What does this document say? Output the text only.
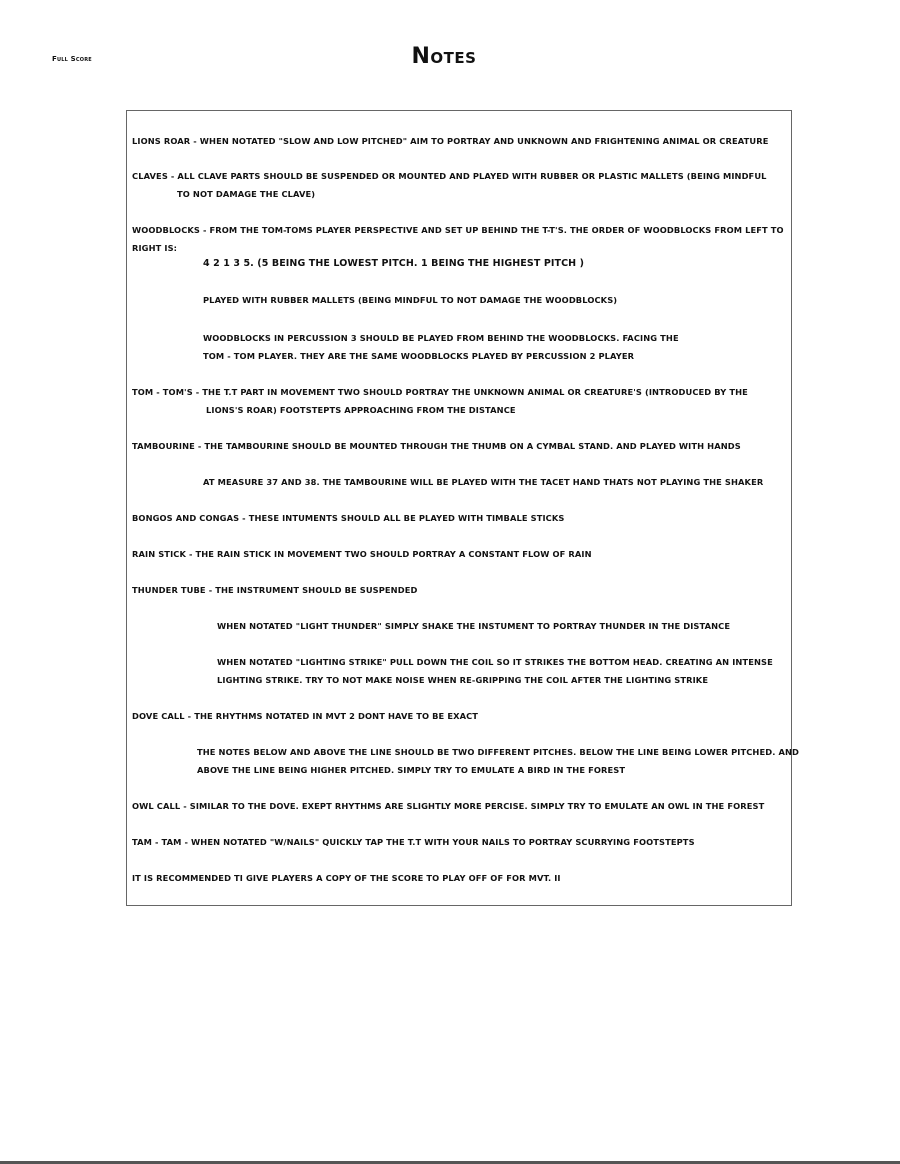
Full Score	Notes
LIONS ROAR - WHEN NOTATED "SLOW AND LOW PITCHED" AIM TO PORTRAY AND UNKNOWN AND FRIGHTENING ANIMAL OR CREATURE
CLAVES - ALL CLAVE PARTS SHOULD BE SUSPENDED OR MOUNTED AND PLAYED WITH RUBBER OR PLASTIC MALLETS (BEING MINDFUL
TO NOT DAMAGE THE CLAVE)
WOODBLOCKS - FROM THE TOM-TOMS PLAYER PERSPECTIVE AND SET UP BEHIND THE T-T'S. THE ORDER OF WOODBLOCKS FROM LEFT TO
RIGHT IS:
4 2 1 3 5. (5 BEING THE LOWEST PITCH. 1 BEING THE HIGHEST PITCH )
PLAYED WITH RUBBER MALLETS (BEING MINDFUL TO NOT DAMAGE THE WOODBLOCKS)
WOODBLOCKS IN PERCUSSION 3 SHOULD BE PLAYED FROM BEHIND THE WOODBLOCKS. FACING THE
TOM - TOM PLAYER. THEY ARE THE SAME WOODBLOCKS PLAYED BY PERCUSSION 2 PLAYER
TOM - TOM'S - THE T.T PART IN MOVEMENT TWO SHOULD PORTRAY THE UNKNOWN ANIMAL OR CREATURE'S (INTRODUCED BY THE
LIONS'S ROAR) FOOTSTEPTS APPROACHING FROM THE DISTANCE
TAMBOURINE - THE TAMBOURINE SHOULD BE MOUNTED THROUGH THE THUMB ON A CYMBAL STAND. AND PLAYED WITH HANDS
AT MEASURE 37 AND 38. THE TAMBOURINE WILL BE PLAYED WITH THE TACET HAND THATS NOT PLAYING THE SHAKER
BONGOS AND CONGAS - THESE INTUMENTS SHOULD ALL BE PLAYED WITH TIMBALE STICKS
RAIN STICK - THE RAIN STICK IN MOVEMENT TWO SHOULD PORTRAY A CONSTANT FLOW OF RAIN
THUNDER TUBE - THE INSTRUMENT SHOULD BE SUSPENDED
WHEN NOTATED "LIGHT THUNDER" SIMPLY SHAKE THE INSTUMENT TO PORTRAY THUNDER IN THE DISTANCE
WHEN NOTATED "LIGHTING STRIKE" PULL DOWN THE COIL SO IT STRIKES THE BOTTOM HEAD. CREATING AN INTENSE
LIGHTING STRIKE. TRY TO NOT MAKE NOISE WHEN RE-GRIPPING THE COIL AFTER THE LIGHTING STRIKE
DOVE CALL - THE RHYTHMS NOTATED IN MVT 2 DONT HAVE TO BE EXACT
THE NOTES BELOW AND ABOVE THE LINE SHOULD BE TWO DIFFERENT PITCHES. BELOW THE LINE BEING LOWER PITCHED. AND
ABOVE THE LINE BEING HIGHER PITCHED. SIMPLY TRY TO EMULATE A BIRD IN THE FOREST
OWL CALL - SIMILAR TO THE DOVE. EXEPT RHYTHMS ARE SLIGHTLY MORE PERCISE. SIMPLY TRY TO EMULATE AN OWL IN THE FOREST
TAM - TAM - WHEN NOTATED "W/NAILS" QUICKLY TAP THE T.T WITH YOUR NAILS TO PORTRAY SCURRYING FOOTSTEPTS
IT IS RECOMMENDED TI GIVE PLAYERS A COPY OF THE SCORE TO PLAY OFF OF FOR MVT. II
